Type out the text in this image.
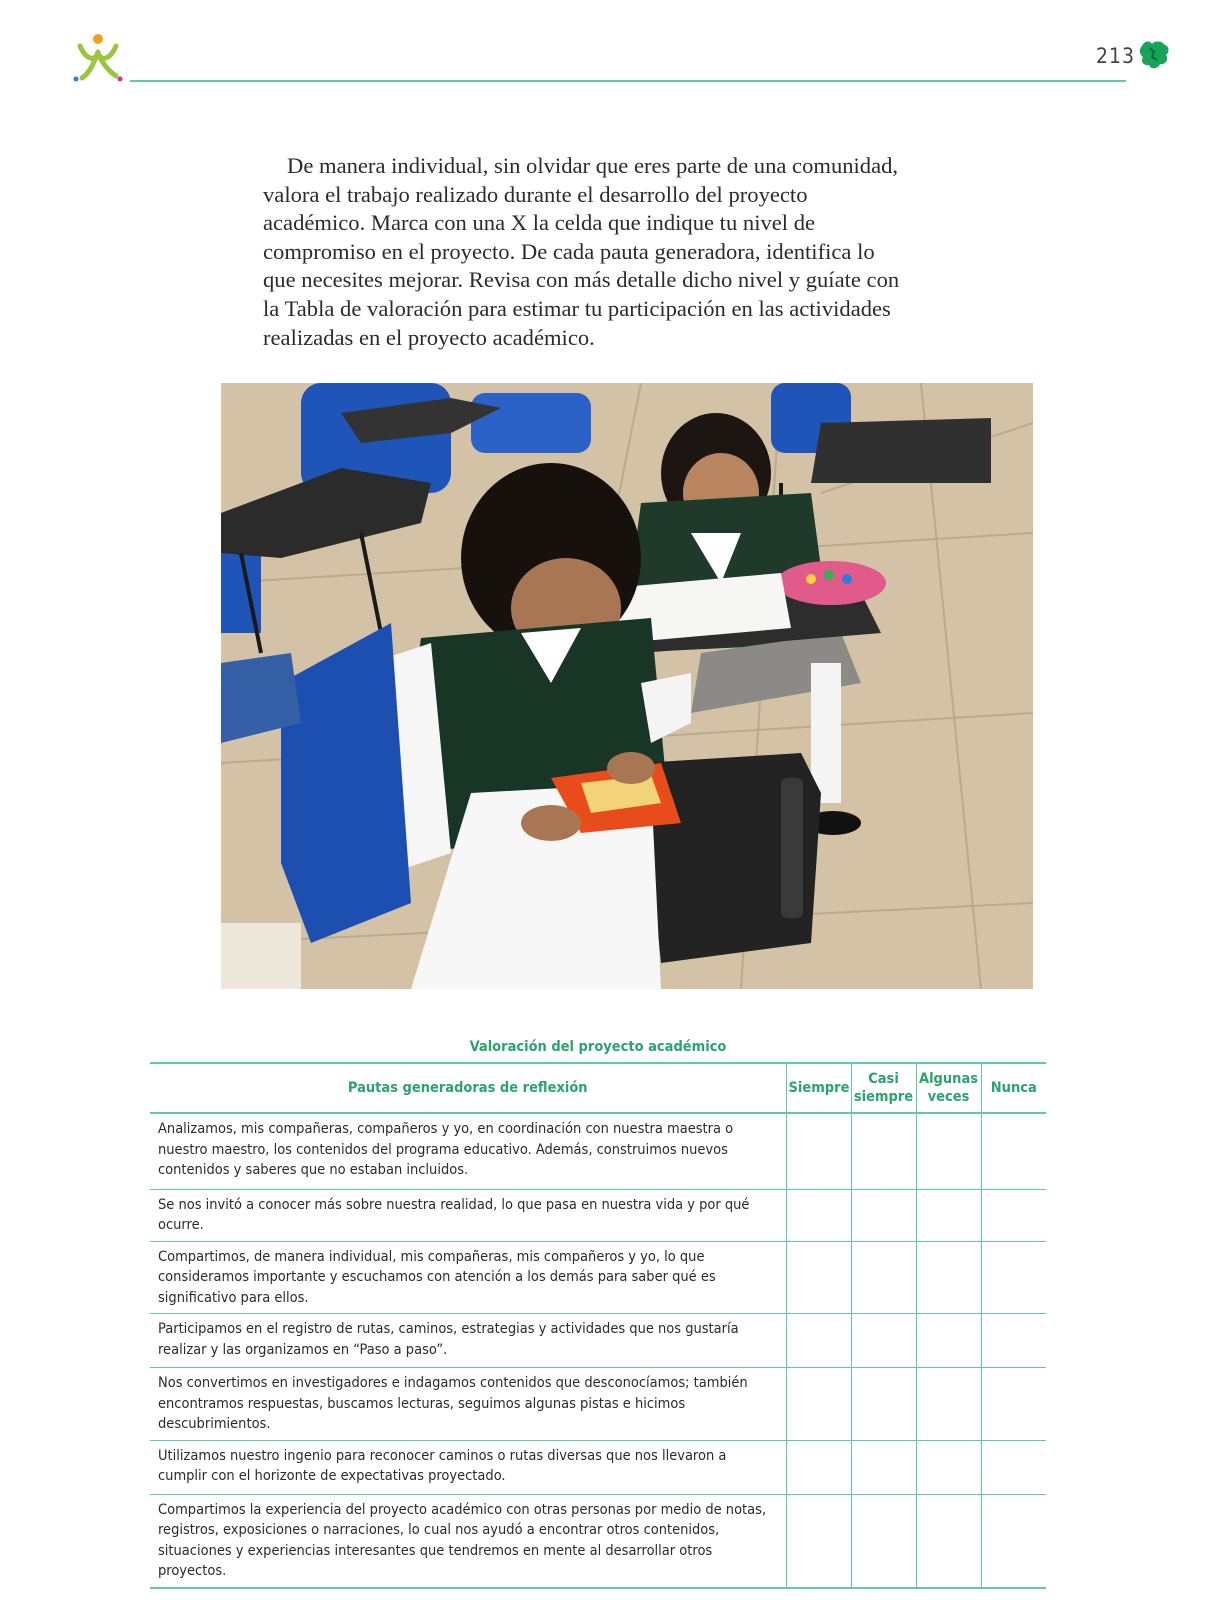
213

De manera individual, sin olvidar que eres parte de una comunidad, valora el trabajo realizado durante el desarrollo del proyecto académico. Marca con una X la celda que indique tu nivel de compromiso en el proyecto. De cada pauta generadora, identifica lo que necesites mejorar. Revisa con más detalle dicho nivel y guíate con la Tabla de valoración para estimar tu participación en las actividades realizadas en el proyecto académico.

Valoración del proyecto académico
Pautas generadoras de reflexión	Siempre	Casi siempre	Algunas veces	Nunca
Analizamos, mis compañeras, compañeros y yo, en coordinación con nuestra maestra o nuestro maestro, los contenidos del programa educativo. Además, construimos nuevos contenidos y saberes que no estaban incluidos.				
Se nos invitó a conocer más sobre nuestra realidad, lo que pasa en nuestra vida y por qué ocurre.				
Compartimos, de manera individual, mis compañeras, mis compañeros y yo, lo que consideramos importante y escuchamos con atención a los demás para saber qué es significativo para ellos.				
Participamos en el registro de rutas, caminos, estrategias y actividades que nos gustaría realizar y las organizamos en “Paso a paso”.				
Nos convertimos en investigadores e indagamos contenidos que desconocíamos; también encontramos respuestas, buscamos lecturas, seguimos algunas pistas e hicimos descubrimientos.				
Utilizamos nuestro ingenio para reconocer caminos o rutas diversas que nos llevaron a cumplir con el horizonte de expectativas proyectado.				
Compartimos la experiencia del proyecto académico con otras personas por medio de notas, registros, exposiciones o narraciones, lo cual nos ayudó a encontrar otros contenidos, situaciones y experiencias interesantes que tendremos en mente al desarrollar otros proyectos.				
